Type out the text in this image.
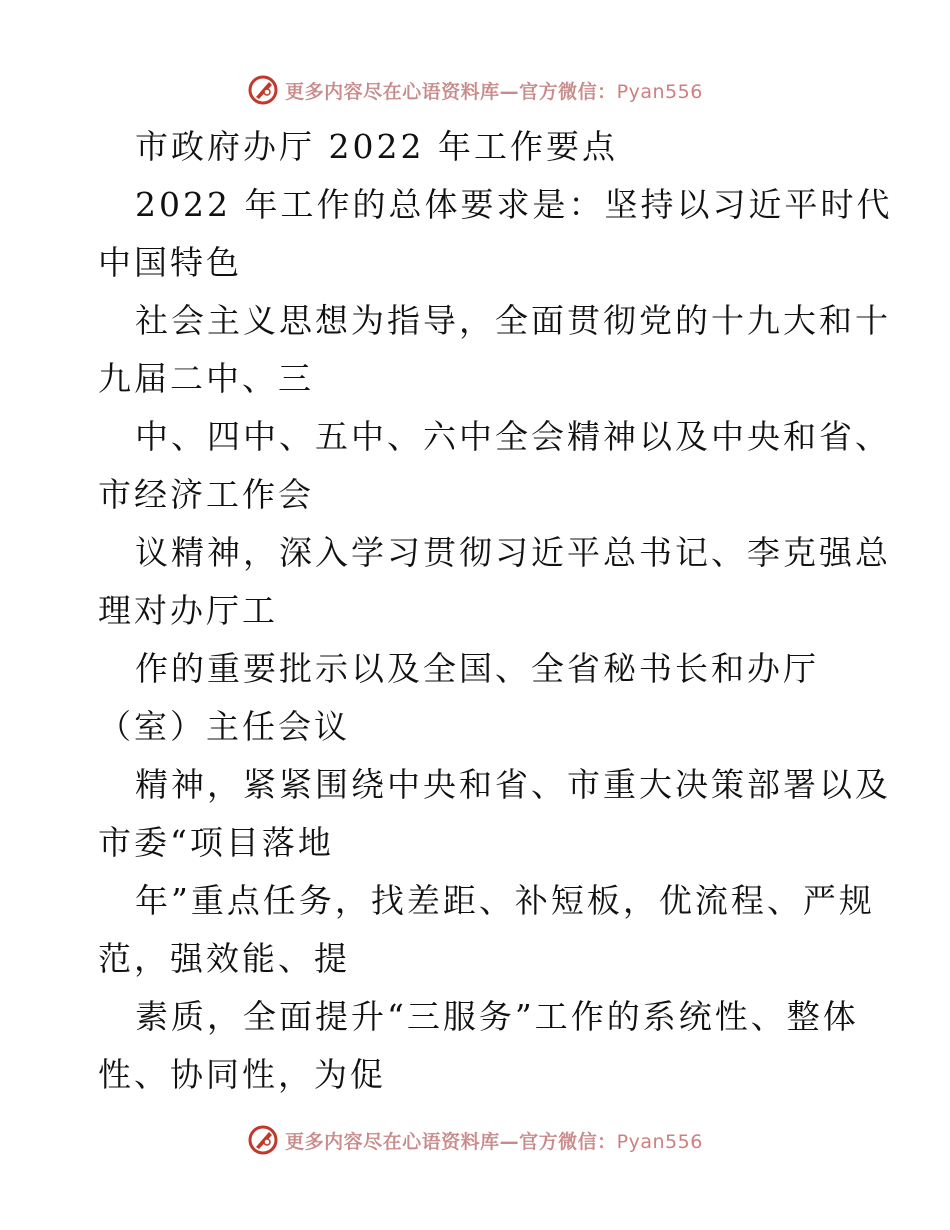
更多内容尽在心语资料库—官方微信：Pyan556
市政府办厅 2022 年工作要点
2022 年工作的总体要求是：坚持以习近平时代
中国特色
社会主义思想为指导，全面贯彻党的十九大和十
九届二中、三
中、四中、五中、六中全会精神以及中央和省、
市经济工作会
议精神，深入学习贯彻习近平总书记、李克强总
理对办厅工
作的重要批示以及全国、全省秘书长和办厅
（室）主任会议
精神，紧紧围绕中央和省、市重大决策部署以及
市委“项目落地
年”重点任务，找差距、补短板，优流程、严规
范，强效能、提
素质，全面提升“三服务”工作的系统性、整体
性、协同性，为促
更多内容尽在心语资料库—官方微信：Pyan556
